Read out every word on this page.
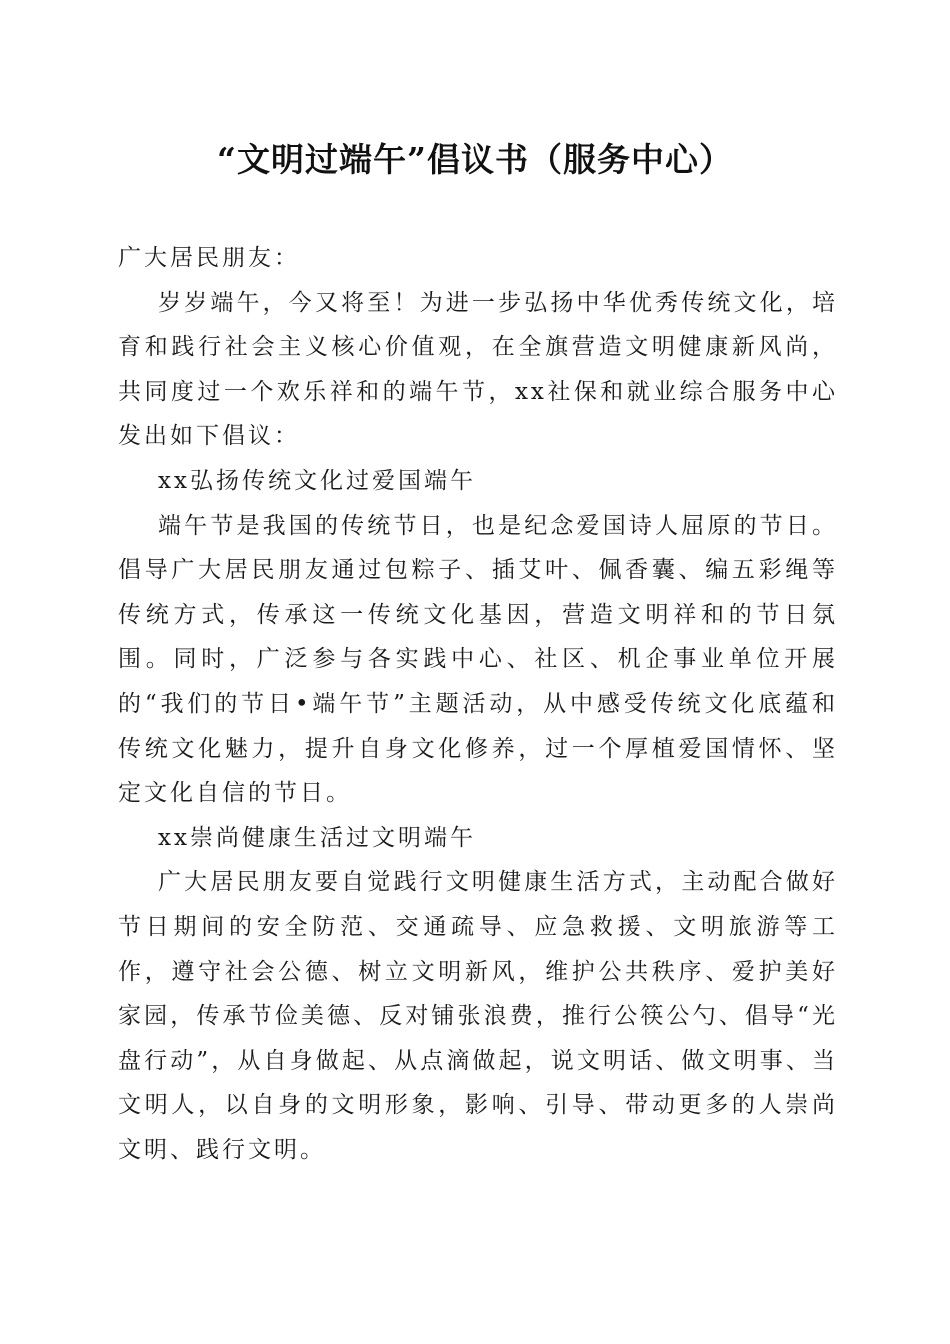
“文明过端午”倡议书（服务中心）

广大居民朋友：

岁岁端午，今又将至！为进一步弘扬中华优秀传统文化，培育和践行社会主义核心价值观，在全旗营造文明健康新风尚，共同度过一个欢乐祥和的端午节，xx社保和就业综合服务中心发出如下倡议：

xx弘扬传统文化过爱国端午

端午节是我国的传统节日，也是纪念爱国诗人屈原的节日。倡导广大居民朋友通过包粽子、插艾叶、佩香囊、编五彩绳等传统方式，传承这一传统文化基因，营造文明祥和的节日氛围。同时，广泛参与各实践中心、社区、机企事业单位开展的“我们的节日•端午节”主题活动，从中感受传统文化底蕴和传统文化魅力，提升自身文化修养，过一个厚植爱国情怀、坚定文化自信的节日。

xx崇尚健康生活过文明端午

广大居民朋友要自觉践行文明健康生活方式，主动配合做好节日期间的安全防范、交通疏导、应急救援、文明旅游等工作，遵守社会公德、树立文明新风，维护公共秩序、爱护美好家园，传承节俭美德、反对铺张浪费，推行公筷公勺、倡导“光盘行动”，从自身做起、从点滴做起，说文明话、做文明事、当文明人，以自身的文明形象，影响、引导、带动更多的人崇尚文明、践行文明。
